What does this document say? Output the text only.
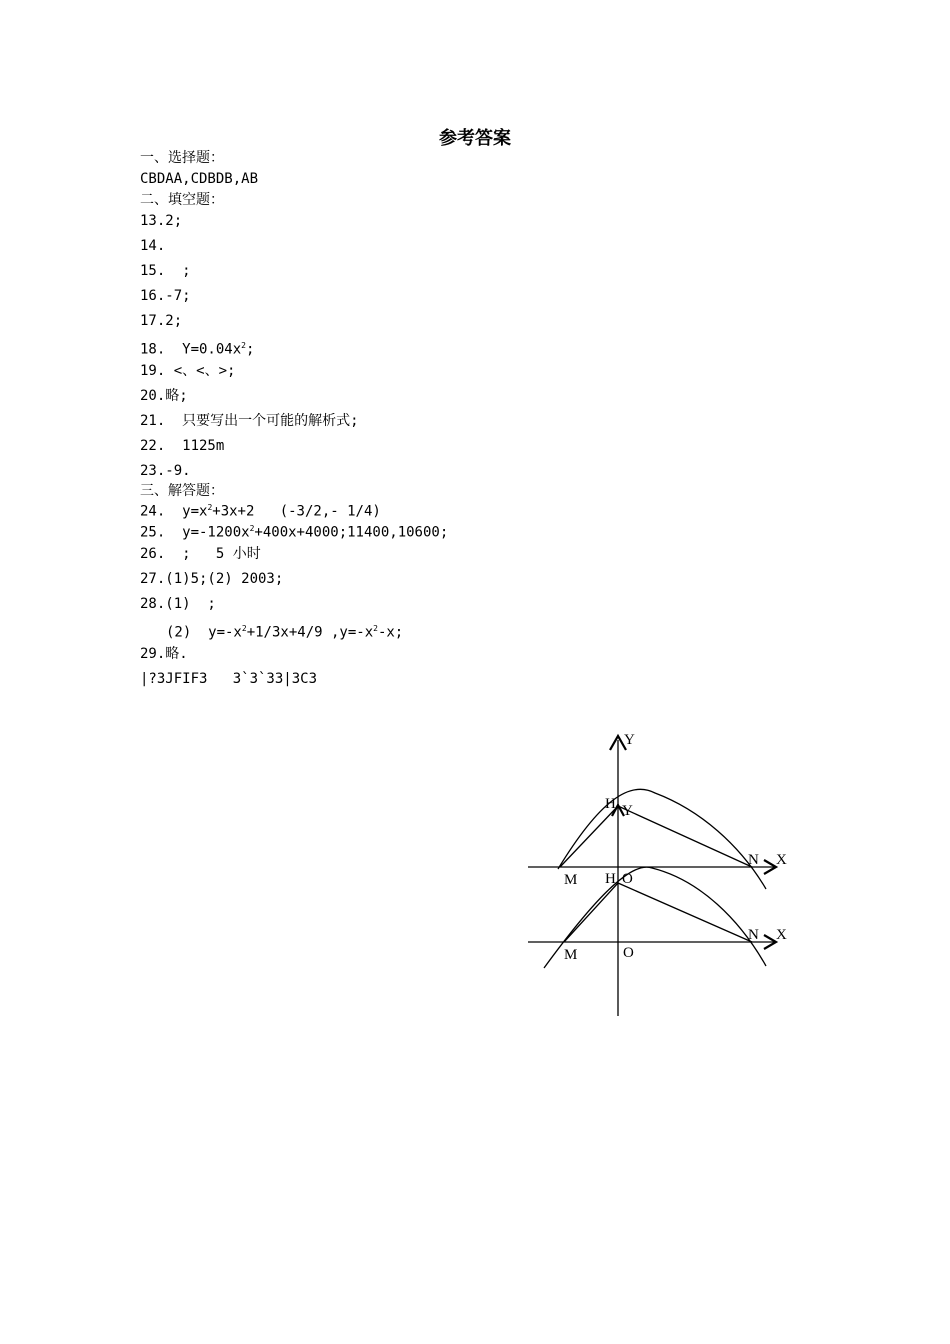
参考答案
一、选择题：
CBDAA,CDBDB,AB
二、填空题：
13.2;
14.
15.  ;
16.-7;
17.2;
18.  $Y=0.04x^2$;
19. <、<、>;
20.略;
21.  只要写出一个可能的解析式;
22.  1125m
23.-9.
三、解答题：
24.  $y=x^2+3x+2$   (-3/2,- 1/4)
25.  $y=-1200x^2+400x+4000;11400,10600$;
26.  ;   5 小时
27.(1)5;(2) 2003;
28.(1)  ;
(2)  $y=-x^2+1/3x+4/9$ $,y=-x^2-x$;
29.略.
|?3JFIF3   3`3`33|3C3
Y
H Y
M
N X
H O
M
N X
O
